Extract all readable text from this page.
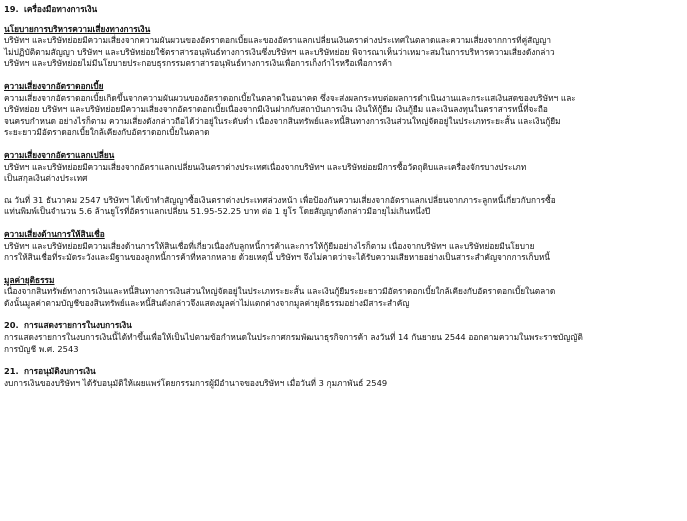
19. เครื่องมือทางการเงิน
นโยบายการบริหารความเสี่ยงทางการเงิน

บริษัทฯ และบริษัทย่อยมีความเสี่ยงจากความผันผวนของอัตราดอกเบี้ยและของอัตราแลกเปลี่ยนเงินตราต่างประเทศในตลาดและความเสี่ยงจากการที่คู่สัญญา
ไม่ปฏิบัติตามสัญญา บริษัทฯ และบริษัทย่อยใช้ตราสารอนุพันธ์ทางการเงินซึ่งบริษัทฯ และบริษัทย่อย พิจารณาเห็นว่าเหมาะสมในการบริหารความเสี่ยงดังกล่าว
บริษัทฯ และบริษัทย่อยไม่มีนโยบายประกอบธุรกรรมตราสารอนุพันธ์ทางการเงินเพื่อการเก็งกำไรหรือเพื่อการค้า

ความเสี่ยงจากอัตราดอกเบี้ย

ความเสี่ยงจากอัตราดอกเบี้ยเกิดขึ้นจากความผันผวนของอัตราดอกเบี้ยในตลาดในอนาคต ซึ่งจะส่งผลกระทบต่อผลการดำเนินงานและกระแสเงินสดของบริษัทฯ และ
บริษัทย่อย บริษัทฯ และบริษัทย่อยมีความเสี่ยงจากอัตราดอกเบี้ยเนื่องจากมีเงินฝากกับสถาบันการเงิน เงินให้กู้ยืม เงินกู้ยืม และเงินลงทุนในตราสารหนี้ที่จะถือ
จนครบกำหนด อย่างไรก็ตาม ความเสี่ยงดังกล่าวถือได้ว่าอยู่ในระดับต่ำ เนื่องจากสินทรัพย์และหนี้สินทางการเงินส่วนใหญ่จัดอยู่ในประเภทระยะสั้น และเงินกู้ยืม
ระยะยาวมีอัตราดอกเบี้ยใกล้เคียงกับอัตราดอกเบี้ยในตลาด

ความเสี่ยงจากอัตราแลกเปลี่ยน

บริษัทฯ และบริษัทย่อยมีความเสี่ยงจากอัตราแลกเปลี่ยนเงินตราต่างประเทศเนื่องจากบริษัทฯ และบริษัทย่อยมีการซื้อวัตถุดิบและเครื่องจักรบางประเภท
เป็นสกุลเงินต่างประเทศ

ณ วันที่ 31 ธันวาคม 2547 บริษัทฯ ได้เข้าทำสัญญาซื้อเงินตราต่างประเทศล่วงหน้า เพื่อป้องกันความเสี่ยงจากอัตราแลกเปลี่ยนจากภาระลูกหนี้เกี่ยวกับการซื้อ
แท่นพิมพ์เป็นจำนวน 5.6 ล้านยูโรที่อัตราแลกเปลี่ยน 51.95-52.25 บาท ต่อ 1 ยูโร โดยสัญญาดังกล่าวมีอายุไม่เกินหนึ่งปี

ความเสี่ยงด้านการให้สินเชื่อ

บริษัทฯ และบริษัทย่อยมีความเสี่ยงด้านการให้สินเชื่อที่เกี่ยวเนื่องกับลูกหนี้การค้าและการให้กู้ยืมอย่างไรก็ตาม เนื่องจากบริษัทฯ และบริษัทย่อยมีนโยบาย
การให้สินเชื่อที่ระมัดระวังและมีฐานของลูกหนี้การค้าที่หลากหลาย ด้วยเหตุนี้ บริษัทฯ จึงไม่คาดว่าจะได้รับความเสียหายอย่างเป็นสาระสำคัญจากการเก็บหนี้

มูลค่ายุติธรรม

เนื่องจากสินทรัพย์ทางการเงินและหนี้สินทางการเงินส่วนใหญ่จัดอยู่ในประเภทระยะสั้น และเงินกู้ยืมระยะยาวมีอัตราดอกเบี้ยใกล้เคียงกับอัตราดอกเบี้ยในตลาด
ดังนั้นมูลค่าตามบัญชีของสินทรัพย์และหนี้สินดังกล่าวจึงแสดงมูลค่าไม่แตกต่างจากมูลค่ายุติธรรมอย่างมีสาระสำคัญ

20. การแสดงรายการในงบการเงิน

การแสดงรายการในงบการเงินนี้ได้ทำขึ้นเพื่อให้เป็นไปตามข้อกำหนดในประกาศกรมพัฒนาธุรกิจการค้า ลงวันที่ 14 กันยายน 2544 ออกตามความในพระราชบัญญัติ
การบัญชี พ.ศ. 2543

21. การอนุมัติงบการเงิน

งบการเงินของบริษัทฯ ได้รับอนุมัติให้เผยแพร่โดยกรรมการผู้มีอำนาจของบริษัทฯ เมื่อวันที่ 3 กุมภาพันธ์ 2549
